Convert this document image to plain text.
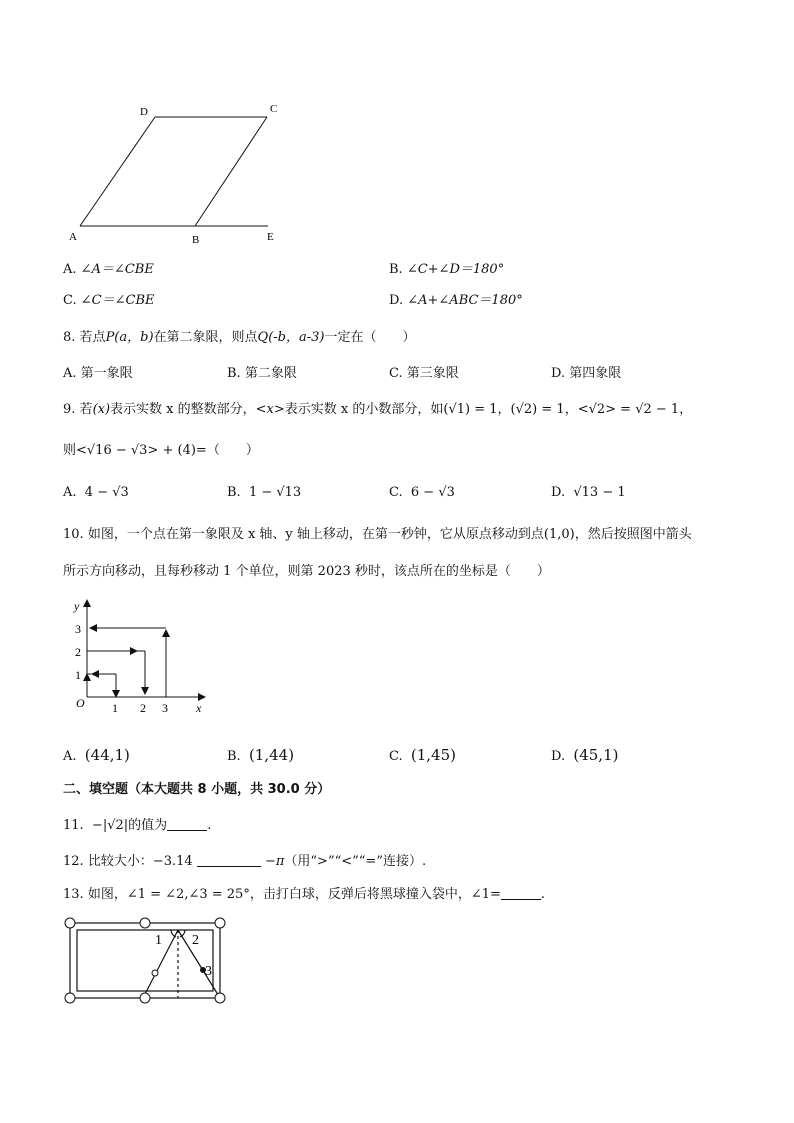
D	C
A	B	E
A. ∠A＝∠CBE	B. ∠C+∠D＝180°
C. ∠C＝∠CBE	D. ∠A+∠ABC＝180°
8. 若点P(a，b)在第二象限，则点Q(-b，a-3)一定在（　　）
A. 第一象限	B. 第二象限	C. 第三象限	D. 第四象限
9. 若(x)表示实数 x 的整数部分，<x>表示实数 x 的小数部分，如(√1) = 1，(√2) = 1，<√2> = √2 − 1，
则<√16 − √3> + (4)=（　　）
A. 4 − √3	B. 1 − √13	C. 6 − √3	D. √13 − 1
10. 如图，一个点在第一象限及 x 轴、y 轴上移动，在第一秒钟，它从原点移动到点(1,0)，然后按照图中箭头
所示方向移动，且每秒移动 1 个单位，则第 2023 秒时，该点所在的坐标是（　　）
y
x
O 1 2 3
1
2
3
A. (44,1)	B. (1,44)	C. (1,45)	D. (45,1)
二、填空题（本大题共 8 小题，共 30.0 分）
11. −|√2|的值为	.
12. 比较大小：−3.14	−π（用“>”“<”“=”连接）.
13. 如图，∠1 = ∠2,∠3 = 25°，击打白球，反弹后将黑球撞入袋中，∠1=	.
1 2
3
